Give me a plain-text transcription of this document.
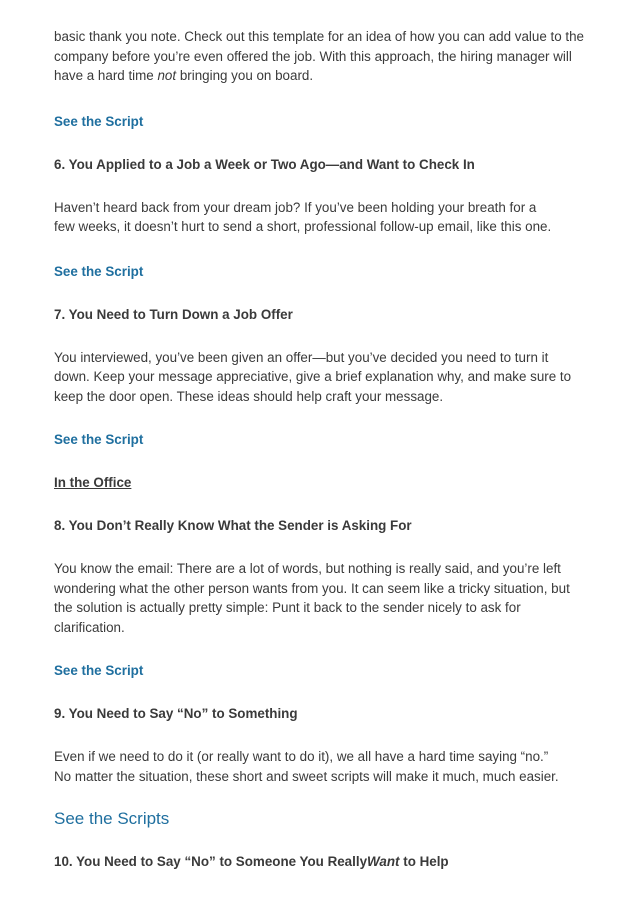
basic thank you note. Check out this template for an idea of how you can add value to the
company before you’re even offered the job. With this approach, the hiring manager will
have a hard time not bringing you on board.

See the Script

6. You Applied to a Job a Week or Two Ago—and Want to Check In

Haven’t heard back from your dream job? If you’ve been holding your breath for a few weeks, it doesn’t hurt to send a short, professional follow-up email, like this one.

See the Script

7. You Need to Turn Down a Job Offer

You interviewed, you’ve been given an offer—but you’ve decided you need to turn it down. Keep your message appreciative, give a brief explanation why, and make sure to keep the door open. These ideas should help craft your message.

See the Script

In the Office

8. You Don’t Really Know What the Sender is Asking For

You know the email: There are a lot of words, but nothing is really said, and you’re left wondering what the other person wants from you. It can seem like a tricky situation, but the solution is actually pretty simple: Punt it back to the sender nicely to ask for clarification.

See the Script

9. You Need to Say “No” to Something

Even if we need to do it (or really want to do it), we all have a hard time saying “no.” No matter the situation, these short and sweet scripts will make it much, much easier.

See the Scripts

10. You Need to Say “No” to Someone You ReallyWant to Help
